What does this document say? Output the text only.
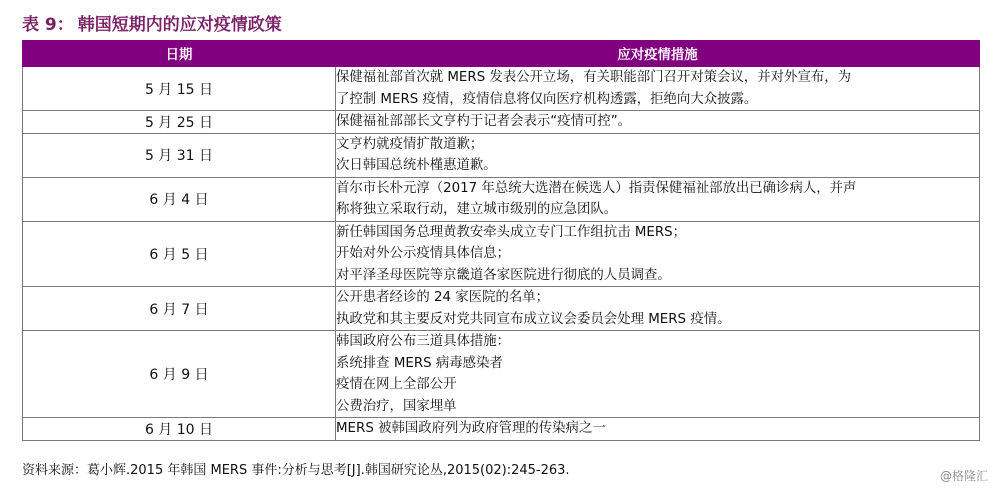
表 9： 韩国短期内的应对疫情政策
日期	应对疫情措施
5 月 15 日	保健福祉部首次就 MERS 发表公开立场，有关职能部门召开对策会议，并对外宣布，为
了控制 MERS 疫情，疫情信息将仅向医疗机构透露，拒绝向大众披露。

5 月 25 日	保健福祉部部长文亨杓于记者会表示“疫情可控”。

5 月 31 日	文亨杓就疫情扩散道歉；
次日韩国总统朴槿惠道歉。

6 月 4 日	首尔市长朴元淳（2017 年总统大选潜在候选人）指责保健福祉部放出已确诊病人，并声
称将独立采取行动，建立城市级别的应急团队。

6 月 5 日	新任韩国国务总理黄教安牵头成立专门工作组抗击 MERS；
开始对外公示疫情具体信息；
对平泽圣母医院等京畿道各家医院进行彻底的人员调查。

6 月 7 日	公开患者经诊的 24 家医院的名单；
执政党和其主要反对党共同宣布成立议会委员会处理 MERS 疫情。

6 月 9 日	韩国政府公布三道具体措施：
系统排查 MERS 病毒感染者
疫情在网上全部公开
公费治疗，国家埋单

6 月 10 日	MERS 被韩国政府列为政府管理的传染病之一
资料来源：葛小辉.2015 年韩国 MERS 事件:分析与思考[J].韩国研究论丛,2015(02):245-263.	@格隆汇
